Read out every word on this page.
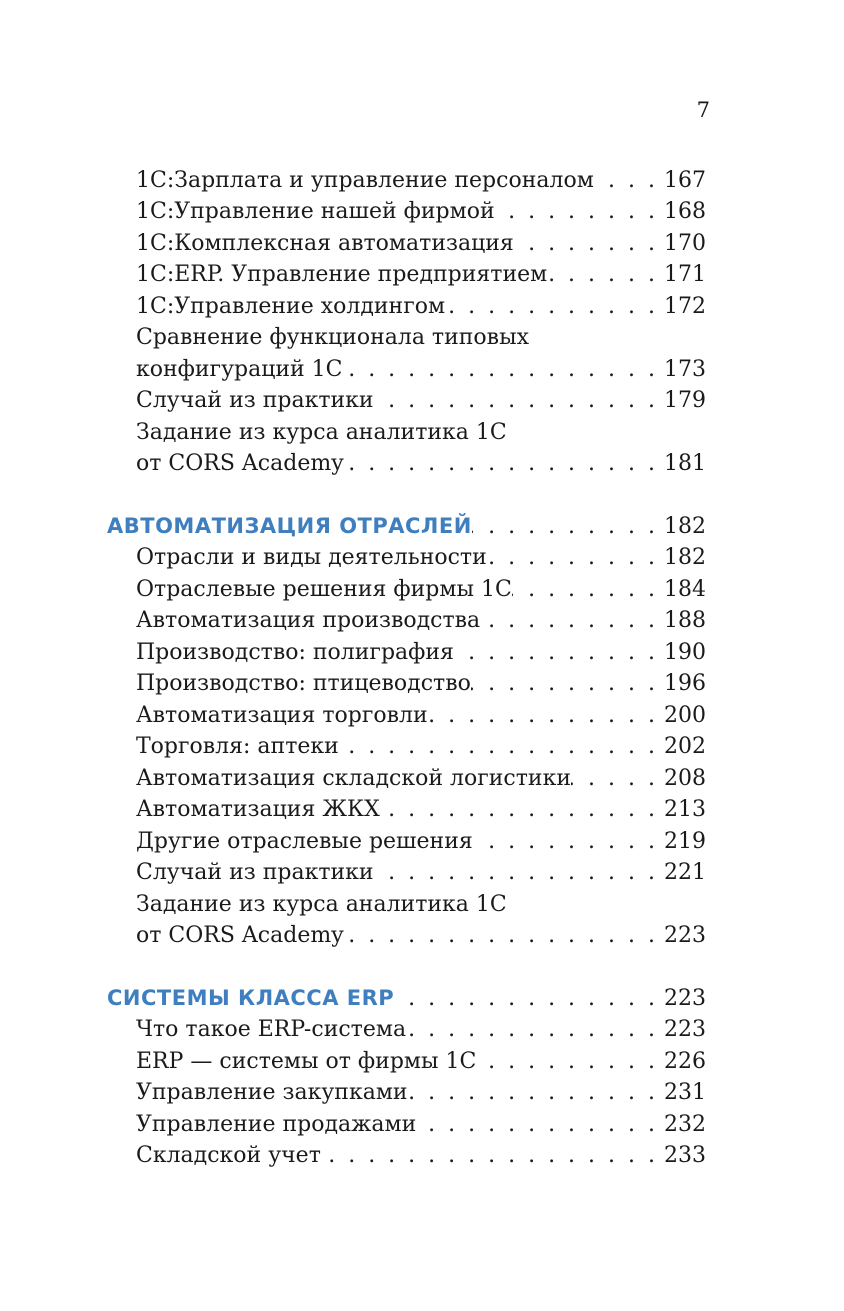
7
1С:Зарплата и управление персоналом . . .	167
1С:Управление нашей фирмой . . .	168
1С:Комплексная автоматизация . . .	170
1С:ERP. Управление предприятием . . .	171
1С:Управление холдингом . . .	172
Сравнение функционала типовых
конфигураций 1С . . .	173
Случай из практики . . .	179
Задание из курса аналитика 1С
от CORS Academy . . .	181
АВТОМАТИЗАЦИЯ ОТРАСЛЕЙ . . .	182
Отрасли и виды деятельности . . .	182
Отраслевые решения фирмы 1С . . .	184
Автоматизация производства . . .	188
Производство: полиграфия . . .	190
Производство: птицеводство . . .	196
Автоматизация торговли . . .	200
Торговля: аптеки . . .	202
Автоматизация складской логистики . . .	208
Автоматизация ЖКХ . . .	213
Другие отраслевые решения . . .	219
Случай из практики . . .	221
Задание из курса аналитика 1С
от CORS Academy . . .	223
СИСТЕМЫ КЛАССА ERP . . .	223
Что такое ERP-система . . .	223
ERP — системы от фирмы 1С . . .	226
Управление закупками . . .	231
Управление продажами . . .	232
Складской учет . . .	233
